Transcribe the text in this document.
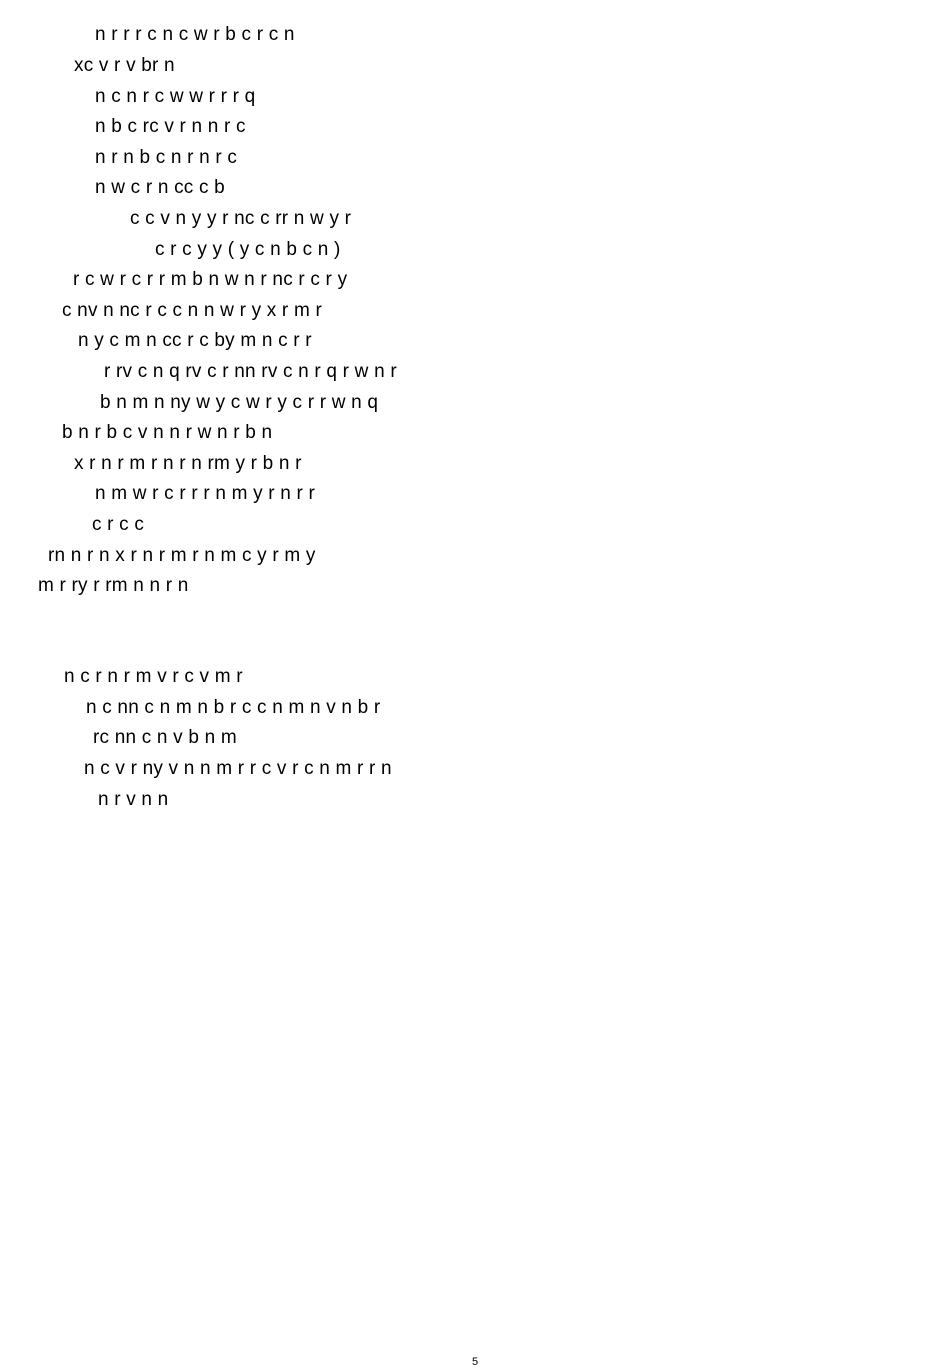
n r r r c n c w r b c r c n
xc v r v br n
n c n r c w w r r r q
n b c rc v r n n r c
n r n b c n r n r c
n w c r n cc c b
c c v n y y r nc c rr n w y r
c r c y y ( y c n b c n )
r c w r c r r m b n w n r nc r c r y
c nv n nc r c c n n w r y x r m r
n y c m n cc r c by m n c r r
r rv c n q rv c r nn rv c n r q r w n r
b n m n ny w y c w r y c r r w n q
b n r b c v n n r w n r b n
x r n r m r n r n rm y r b n r
n m w r c r r r n m y r n r r
c r c c
rn n r n x r n r m r n m c y r m y
m r ry r rm n n r n
n c r n r m v r c v m r
n c nn c n m n b r c c n m n v n b r
rc nn c n v b n m
n c v r ny v n n m r r c v r c n m r r n
n r v n n
5
